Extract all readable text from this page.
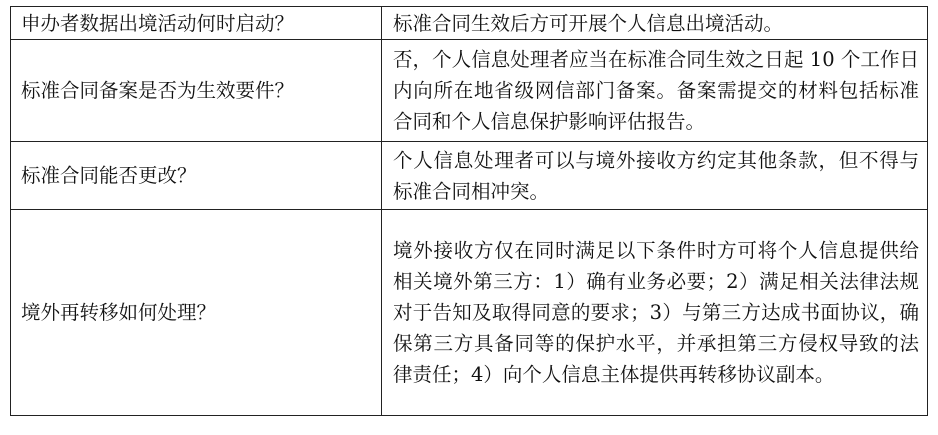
申办者数据出境活动何时启动？	标准合同生效后方可开展个人信息出境活动。
标准合同备案是否为生效要件？	否，个人信息处理者应当在标准合同生效之日起 10 个工作日内向所在地省级网信部门备案。备案需提交的材料包括标准合同和个人信息保护影响评估报告。
标准合同能否更改？	个人信息处理者可以与境外接收方约定其他条款，但不得与标准合同相冲突。
境外再转移如何处理？	境外接收方仅在同时满足以下条件时方可将个人信息提供给相关境外第三方：1）确有业务必要；2）满足相关法律法规对于告知及取得同意的要求；3）与第三方达成书面协议，确保第三方具备同等的保护水平，并承担第三方侵权导致的法律责任；4）向个人信息主体提供再转移协议副本。
